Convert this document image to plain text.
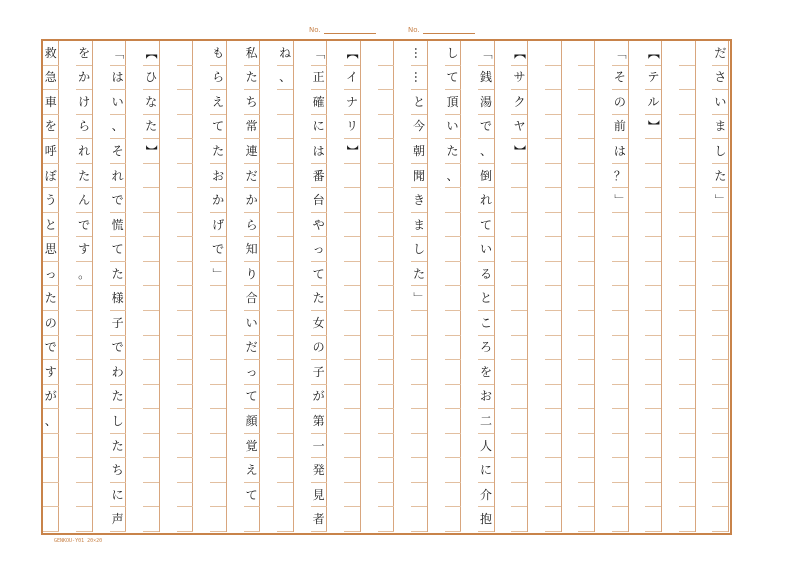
No.	No.
だ
さ
い
ま
し
た
」
【
テ
ル
】
「
そ
の
前
は
？
」
【
サ
ク
ヤ
】
「
銭
湯
で
、
倒
れ
て
い
る
と
こ
ろ
を
お
二
人
に
介
抱
し
て
頂
い
た
、
…
…
と
今
朝
聞
き
ま
し
た
」
【
イ
ナ
リ
】
「
正
確
に
は
番
台
や
っ
て
た
女
の
子
が
第
一
発
見
者
ね
、
私
た
ち
常
連
だ
か
ら
知
り
合
い
だ
っ
て
顔
覚
え
て
も
ら
え
て
た
お
か
げ
で
」
【
ひ
な
た
】
「
は
い
、
そ
れ
で
慌
て
た
様
子
で
わ
た
し
た
ち
に
声
を
か
け
ら
れ
た
ん
で
す
。
救
急
車
を
呼
ぼ
う
と
思
っ
た
の
で
す
が
、
GENKOU-Y01 20×20
